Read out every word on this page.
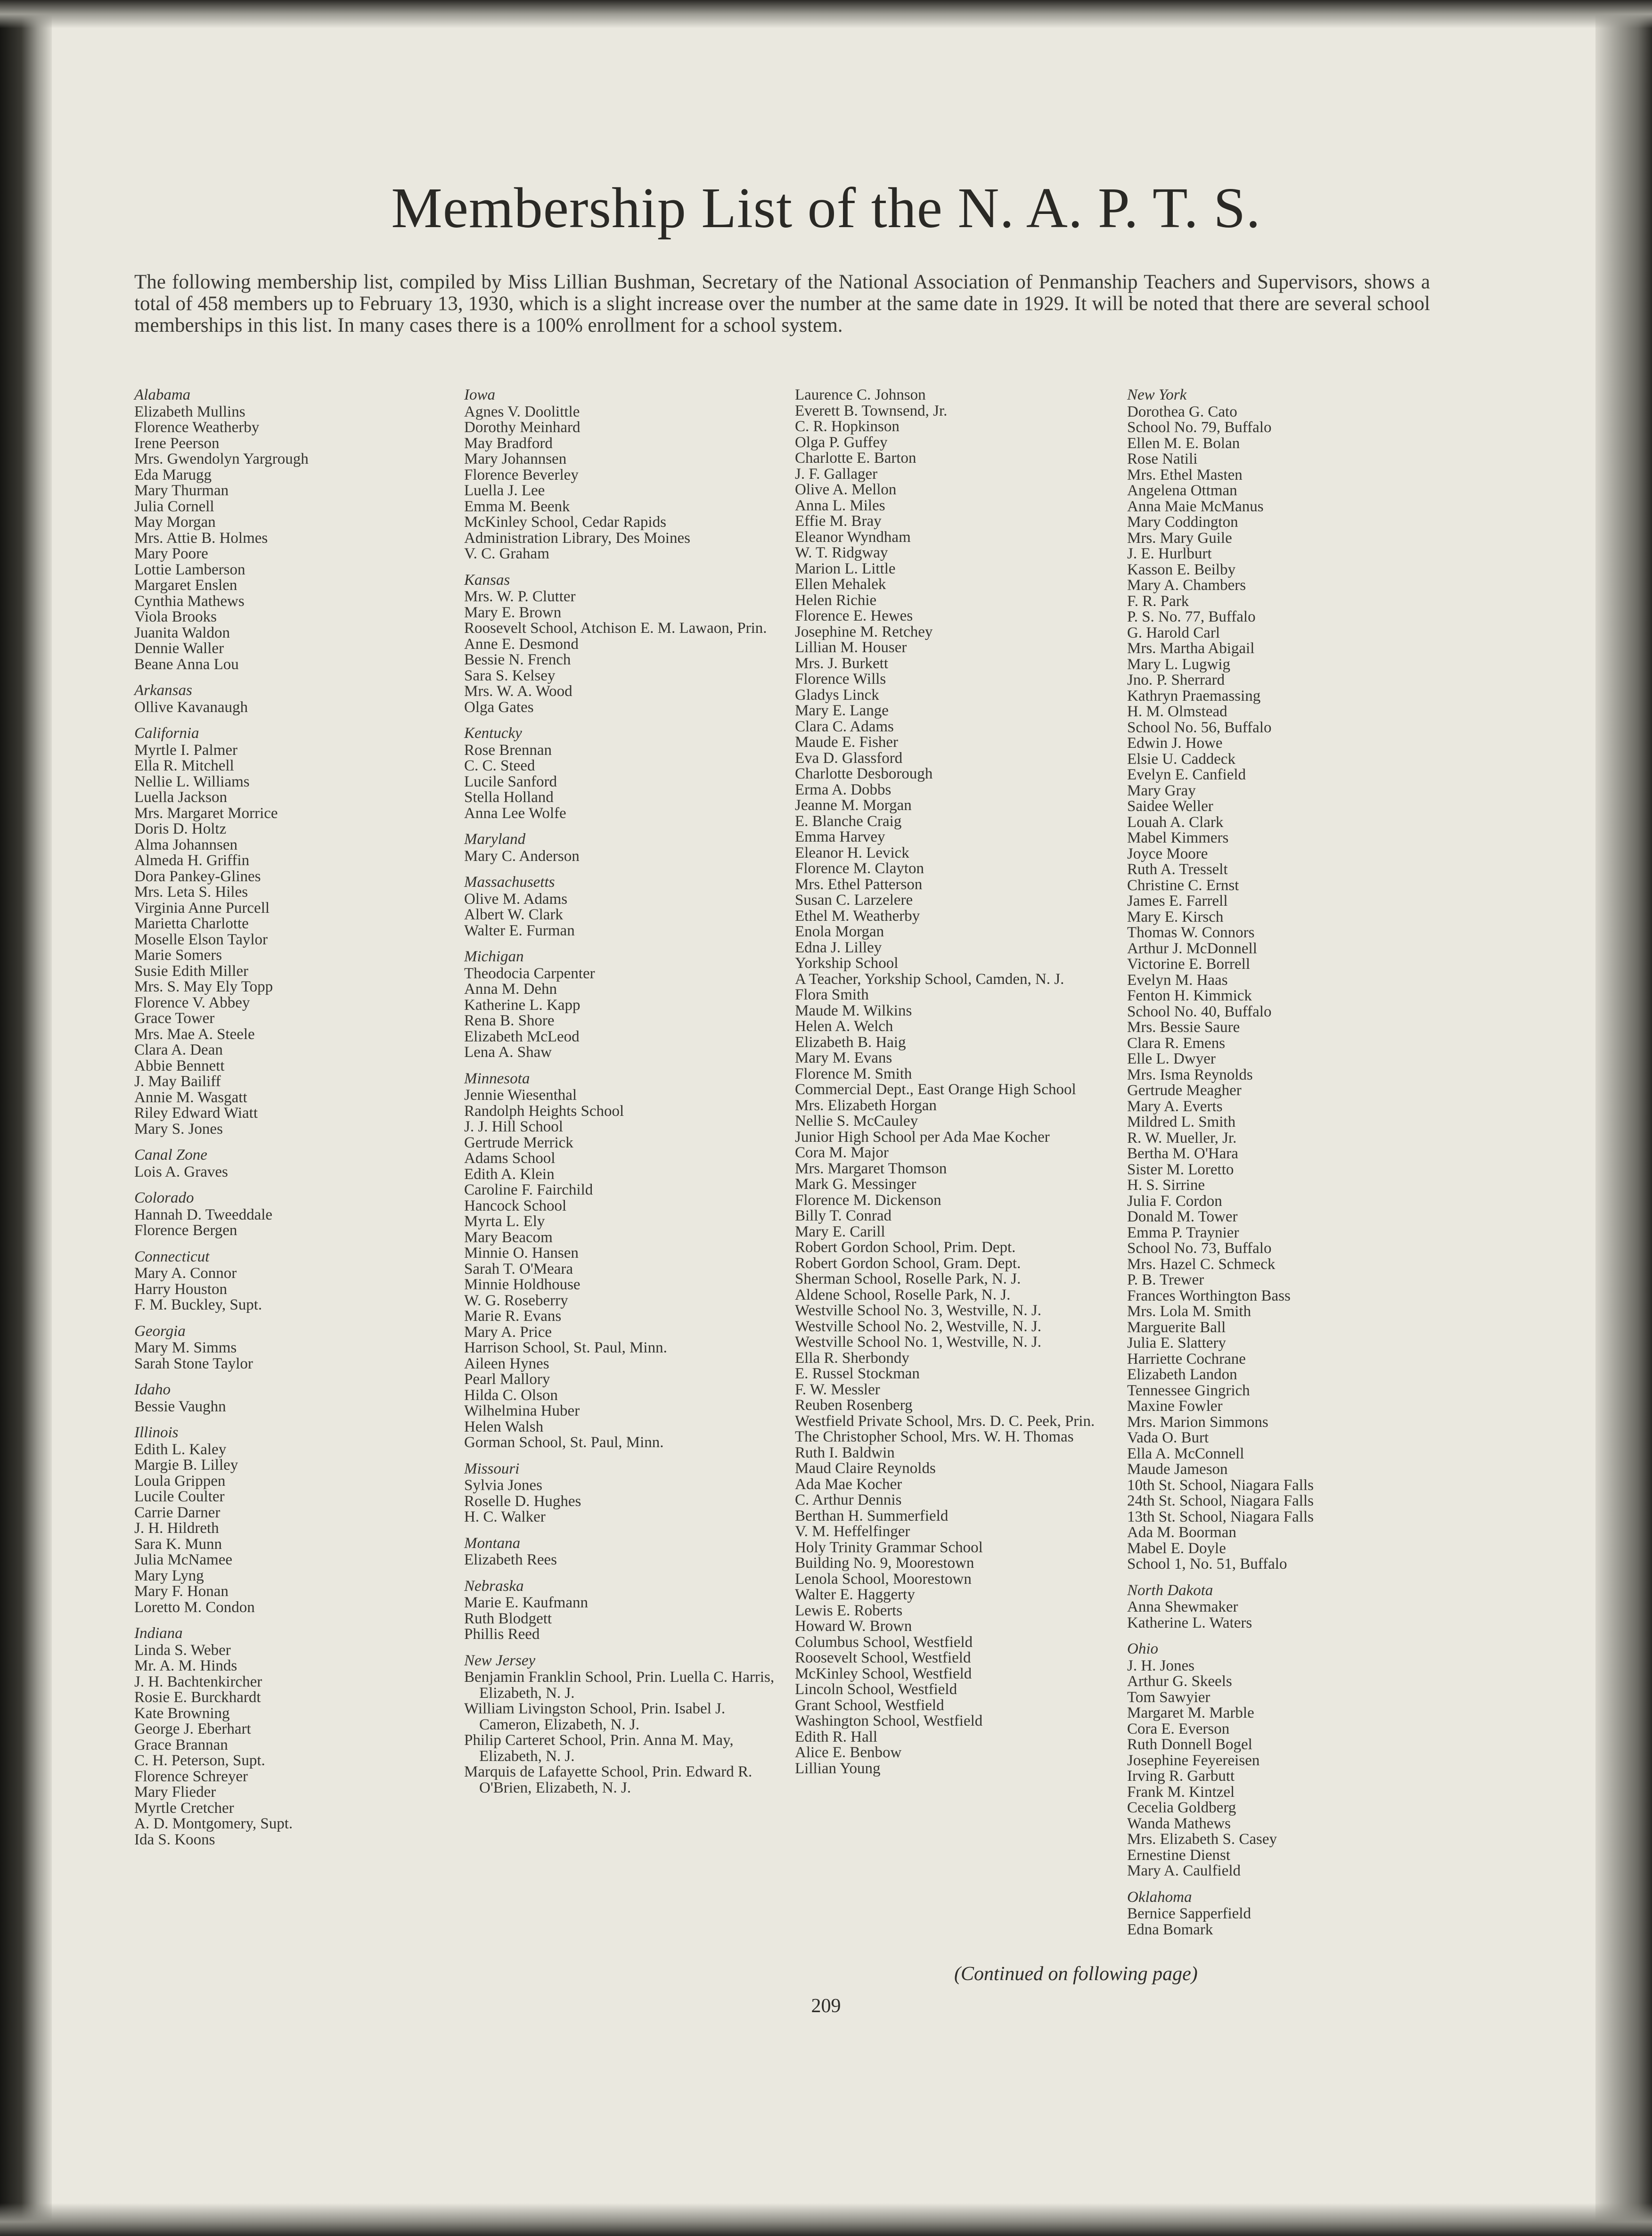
Membership List of the N. A. P. T. S.

The following membership list, compiled by Miss Lillian Bushman, Secretary of the National Association of Penmanship Teachers and Supervisors, shows a total of 458 members up to February 13, 1930, which is a slight increase over the number at the same date in 1929. It will be noted that there are several school memberships in this list. In many cases there is a 100% enrollment for a school system.

Alabama
Elizabeth Mullins
Florence Weatherby
Irene Peerson
Mrs. Gwendolyn Yargrough
Eda Marugg
Mary Thurman
Julia Cornell
May Morgan
Mrs. Attie B. Holmes
Mary Poore
Lottie Lamberson
Margaret Enslen
Cynthia Mathews
Viola Brooks
Juanita Waldon
Dennie Waller
Beane Anna Lou
Arkansas
Ollive Kavanaugh
California
Myrtle I. Palmer
Ella R. Mitchell
Nellie L. Williams
Luella Jackson
Mrs. Margaret Morrice
Doris D. Holtz
Alma Johannsen
Almeda H. Griffin
Dora Pankey-Glines
Mrs. Leta S. Hiles
Virginia Anne Purcell
Marietta Charlotte
Moselle Elson Taylor
Marie Somers
Susie Edith Miller
Mrs. S. May Ely Topp
Florence V. Abbey
Grace Tower
Mrs. Mae A. Steele
Clara A. Dean
Abbie Bennett
J. May Bailiff
Annie M. Wasgatt
Riley Edward Wiatt
Mary S. Jones
Canal Zone
Lois A. Graves
Colorado
Hannah D. Tweeddale
Florence Bergen
Connecticut
Mary A. Connor
Harry Houston
F. M. Buckley, Supt.
Georgia
Mary M. Simms
Sarah Stone Taylor
Idaho
Bessie Vaughn
Illinois
Edith L. Kaley
Margie B. Lilley
Loula Grippen
Lucile Coulter
Carrie Darner
J. H. Hildreth
Sara K. Munn
Julia McNamee
Mary Lyng
Mary F. Honan
Loretto M. Condon
Indiana
Linda S. Weber
Mr. A. M. Hinds
J. H. Bachtenkircher
Rosie E. Burckhardt
Kate Browning
George J. Eberhart
Grace Brannan
C. H. Peterson, Supt.
Florence Schreyer
Mary Flieder
Myrtle Cretcher
A. D. Montgomery, Supt.
Ida S. Koons
Iowa
Agnes V. Doolittle
Dorothy Meinhard
May Bradford
Mary Johannsen
Florence Beverley
Luella J. Lee
Emma M. Beenk
McKinley School, Cedar Rapids
Administration Library, Des Moines
V. C. Graham
Kansas
Mrs. W. P. Clutter
Mary E. Brown
Roosevelt School, Atchison E. M. Lawaon, Prin.
Anne E. Desmond
Bessie N. French
Sara S. Kelsey
Mrs. W. A. Wood
Olga Gates
Kentucky
Rose Brennan
C. C. Steed
Lucile Sanford
Stella Holland
Anna Lee Wolfe
Maryland
Mary C. Anderson
Massachusetts
Olive M. Adams
Albert W. Clark
Walter E. Furman
Michigan
Theodocia Carpenter
Anna M. Dehn
Katherine L. Kapp
Rena B. Shore
Elizabeth McLeod
Lena A. Shaw
Minnesota
Jennie Wiesenthal
Randolph Heights School
J. J. Hill School
Gertrude Merrick
Adams School
Edith A. Klein
Caroline F. Fairchild
Hancock School
Myrta L. Ely
Mary Beacom
Minnie O. Hansen
Sarah T. O'Meara
Minnie Holdhouse
W. G. Roseberry
Marie R. Evans
Mary A. Price
Harrison School, St. Paul, Minn.
Aileen Hynes
Pearl Mallory
Hilda C. Olson
Wilhelmina Huber
Helen Walsh
Gorman School, St. Paul, Minn.
Missouri
Sylvia Jones
Roselle D. Hughes
H. C. Walker
Montana
Elizabeth Rees
Nebraska
Marie E. Kaufmann
Ruth Blodgett
Phillis Reed
New Jersey
Benjamin Franklin School, Prin. Luella C. Harris, Elizabeth, N. J.
William Livingston School, Prin. Isabel J. Cameron, Elizabeth, N. J.
Philip Carteret School, Prin. Anna M. May, Elizabeth, N. J.
Marquis de Lafayette School, Prin. Edward R. O'Brien, Elizabeth, N. J.
Laurence C. Johnson
Everett B. Townsend, Jr.
C. R. Hopkinson
Olga P. Guffey
Charlotte E. Barton
J. F. Gallager
Olive A. Mellon
Anna L. Miles
Effie M. Bray
Eleanor Wyndham
W. T. Ridgway
Marion L. Little
Ellen Mehalek
Helen Richie
Florence E. Hewes
Josephine M. Retchey
Lillian M. Houser
Mrs. J. Burkett
Florence Wills
Gladys Linck
Mary E. Lange
Clara C. Adams
Maude E. Fisher
Eva D. Glassford
Charlotte Desborough
Erma A. Dobbs
Jeanne M. Morgan
E. Blanche Craig
Emma Harvey
Eleanor H. Levick
Florence M. Clayton
Mrs. Ethel Patterson
Susan C. Larzelere
Ethel M. Weatherby
Enola Morgan
Edna J. Lilley
Yorkship School
A Teacher, Yorkship School, Camden, N. J.
Flora Smith
Maude M. Wilkins
Helen A. Welch
Elizabeth B. Haig
Mary M. Evans
Florence M. Smith
Commercial Dept., East Orange High School
Mrs. Elizabeth Horgan
Nellie S. McCauley
Junior High School per Ada Mae Kocher
Cora M. Major
Mrs. Margaret Thomson
Mark G. Messinger
Florence M. Dickenson
Billy T. Conrad
Mary E. Carill
Robert Gordon School, Prim. Dept.
Robert Gordon School, Gram. Dept.
Sherman School, Roselle Park, N. J.
Aldene School, Roselle Park, N. J.
Westville School No. 3, Westville, N. J.
Westville School No. 2, Westville, N. J.
Westville School No. 1, Westville, N. J.
Ella R. Sherbondy
E. Russel Stockman
F. W. Messler
Reuben Rosenberg
Westfield Private School, Mrs. D. C. Peek, Prin.
The Christopher School, Mrs. W. H. Thomas
Ruth I. Baldwin
Maud Claire Reynolds
Ada Mae Kocher
C. Arthur Dennis
Berthan H. Summerfield
V. M. Heffelfinger
Holy Trinity Grammar School
Building No. 9, Moorestown
Lenola School, Moorestown
Walter E. Haggerty
Lewis E. Roberts
Howard W. Brown
Columbus School, Westfield
Roosevelt School, Westfield
McKinley School, Westfield
Lincoln School, Westfield
Grant School, Westfield
Washington School, Westfield
Edith R. Hall
Alice E. Benbow
Lillian Young
New York
Dorothea G. Cato
School No. 79, Buffalo
Ellen M. E. Bolan
Rose Natili
Mrs. Ethel Masten
Angelena Ottman
Anna Maie McManus
Mary Coddington
Mrs. Mary Guile
J. E. Hurlburt
Kasson E. Beilby
Mary A. Chambers
F. R. Park
P. S. No. 77, Buffalo
G. Harold Carl
Mrs. Martha Abigail
Mary L. Lugwig
Jno. P. Sherrard
Kathryn Praemassing
H. M. Olmstead
School No. 56, Buffalo
Edwin J. Howe
Elsie U. Caddeck
Evelyn E. Canfield
Mary Gray
Saidee Weller
Louah A. Clark
Mabel Kimmers
Joyce Moore
Ruth A. Tresselt
Christine C. Ernst
James E. Farrell
Mary E. Kirsch
Thomas W. Connors
Arthur J. McDonnell
Victorine E. Borrell
Evelyn M. Haas
Fenton H. Kimmick
School No. 40, Buffalo
Mrs. Bessie Saure
Clara R. Emens
Elle L. Dwyer
Mrs. Isma Reynolds
Gertrude Meagher
Mary A. Everts
Mildred L. Smith
R. W. Mueller, Jr.
Bertha M. O'Hara
Sister M. Loretto
H. S. Sirrine
Julia F. Cordon
Donald M. Tower
Emma P. Traynier
School No. 73, Buffalo
Mrs. Hazel C. Schmeck
P. B. Trewer
Frances Worthington Bass
Mrs. Lola M. Smith
Marguerite Ball
Julia E. Slattery
Harriette Cochrane
Elizabeth Landon
Tennessee Gingrich
Maxine Fowler
Mrs. Marion Simmons
Vada O. Burt
Ella A. McConnell
Maude Jameson
10th St. School, Niagara Falls
24th St. School, Niagara Falls
13th St. School, Niagara Falls
Ada M. Boorman
Mabel E. Doyle
School 1, No. 51, Buffalo
North Dakota
Anna Shewmaker
Katherine L. Waters
Ohio
J. H. Jones
Arthur G. Skeels
Tom Sawyier
Margaret M. Marble
Cora E. Everson
Ruth Donnell Bogel
Josephine Feyereisen
Irving R. Garbutt
Frank M. Kintzel
Cecelia Goldberg
Wanda Mathews
Mrs. Elizabeth S. Casey
Ernestine Dienst
Mary A. Caulfield
Oklahoma
Bernice Sapperfield
Edna Bomark
(Continued on following page)
209
